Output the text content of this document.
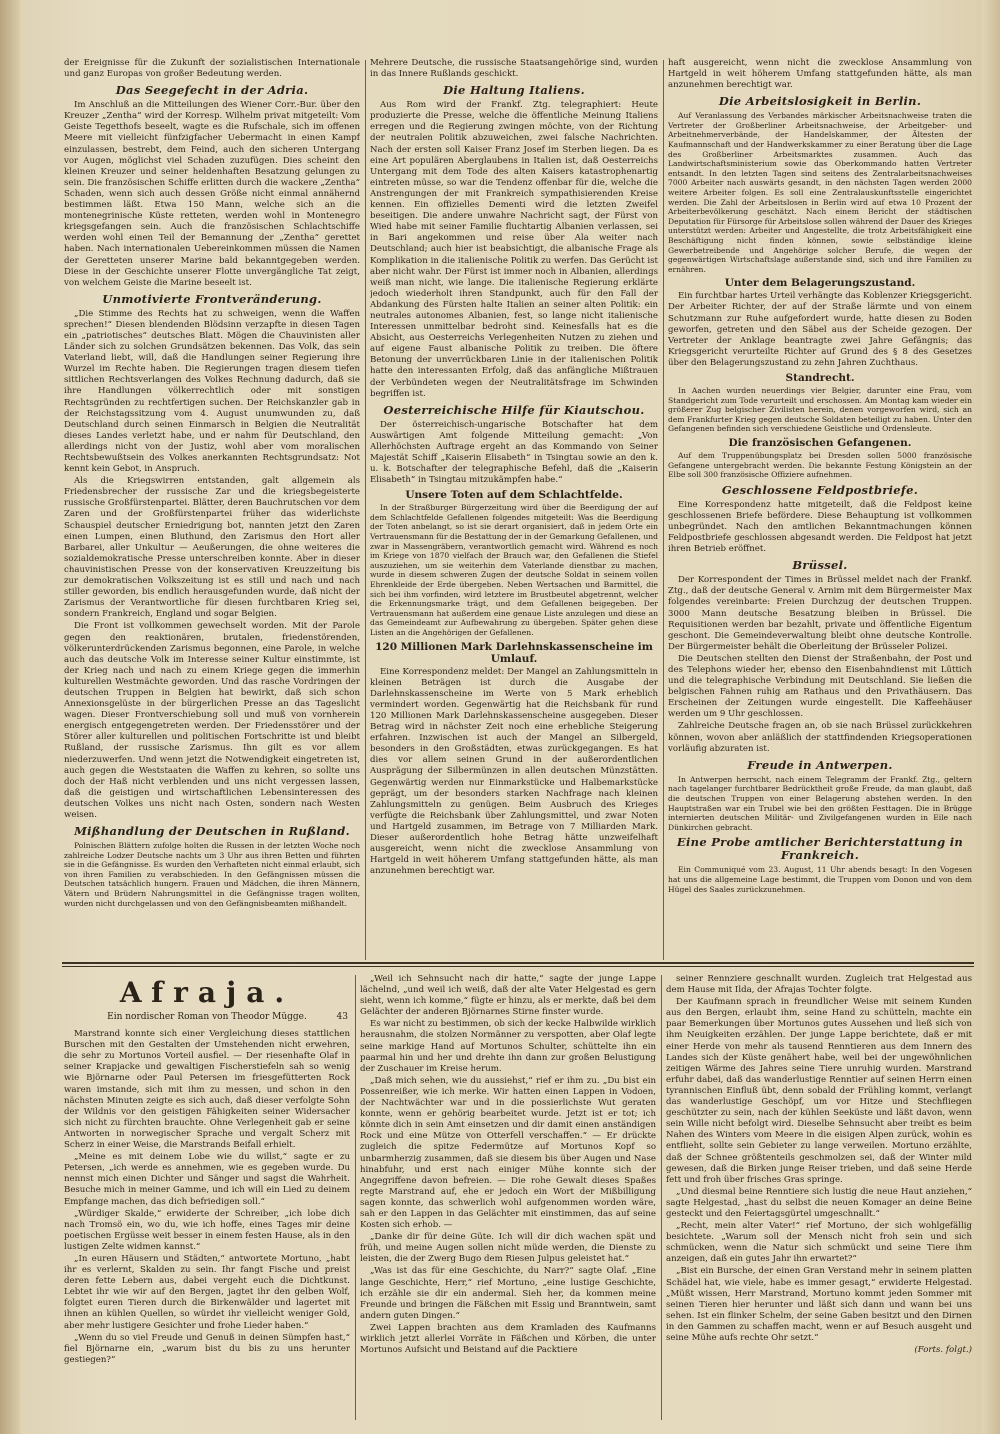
der Ereignisse für die Zukunft der sozialistischen Internationale und ganz Europas von großer Bedeutung werden.

Das Seegefecht in der Adria.

Im Anschluß an die Mitteilungen des Wiener Corr.-Bur. über den Kreuzer „Zentha“ wird der Korresp. Wilhelm privat mitgeteilt: Vom Geiste Tegetthofs beseelt, wagte es die Rufschale, sich im offenen Meere mit vielleicht fünfzigfacher Uebermacht in einen Kampf einzulassen, bestrebt, dem Feind, auch den sicheren Untergang vor Augen, möglichst viel Schaden zuzufügen. Dies scheint den kleinen Kreuzer und seiner heldenhaften Besatzung gelungen zu sein. Die französischen Schiffe erlitten durch die wackere „Zentha“ Schaden, wenn sich auch dessen Größe nicht einmal annähernd bestimmen läßt. Etwa 150 Mann, welche sich an die montenegrinische Küste retteten, werden wohl in Montenegro kriegsgefangen sein. Auch die französischen Schlachtschiffe werden wohl einen Teil der Bemannung der „Zentha“ gerettet haben. Nach internationalen Uebereinkommen müssen die Namen der Geretteten unserer Marine bald bekanntgegeben werden. Diese in der Geschichte unserer Flotte unvergängliche Tat zeigt, von welchem Geiste die Marine beseelt ist.

Unmotivierte Frontveränderung.

„Die Stimme des Rechts hat zu schweigen, wenn die Waffen sprechen!“ Diesen blendenden Blödsinn verzapfte in diesen Tagen ein „patriotisches“ deutsches Blatt. Mögen die Chauvinisten aller Länder sich zu solchen Grundsätzen bekennen. Das Volk, das sein Vaterland liebt, will, daß die Handlungen seiner Regierung ihre Wurzel im Rechte haben. Die Regierungen tragen diesem tiefen sittlichen Rechtsverlangen des Volkes Rechnung dadurch, daß sie ihre Handlungen völkerrechtlich oder mit sonstigen Rechtsgründen zu rechtfertigen suchen. Der Reichskanzler gab in der Reichstagssitzung vom 4. August unumwunden zu, daß Deutschland durch seinen Einmarsch in Belgien die Neutralität dieses Landes verletzt habe, und er nahm für Deutschland, den allerdings nicht von der Justiz, wohl aber vom moralischen Rechtsbewußtsein des Volkes anerkannten Rechtsgrundsatz: Not kennt kein Gebot, in Anspruch.

Als die Kriegswirren entstanden, galt allgemein als Friedensbrecher der russische Zar und die kriegsbegeisterte russische Großfürstenpartei. Blätter, deren Bauchrutschen vor dem Zaren und der Großfürstenpartei früher das widerlichste Schauspiel deutscher Erniedrigung bot, nannten jetzt den Zaren einen Lumpen, einen Bluthund, den Zarismus den Hort aller Barbarei, aller Unkultur — Aeußerungen, die ohne weiteres die sozialdemokratische Presse unterschreiben konnte. Aber in dieser chauvinistischen Presse von der konservativen Kreuzzeitung bis zur demokratischen Volkszeitung ist es still und nach und nach stiller geworden, bis endlich herausgefunden wurde, daß nicht der Zarismus der Verantwortliche für diesen furchtbaren Krieg sei, sondern Frankreich, England und sogar Belgien.

Die Front ist vollkommen gewechselt worden. Mit der Parole gegen den reaktionären, brutalen, friedenstörenden, völkerunterdrückenden Zarismus begonnen, eine Parole, in welche auch das deutsche Volk im Interesse seiner Kultur einstimmte, ist der Krieg nach und nach zu einem Kriege gegen die immerhin kulturellen Westmächte geworden. Und das rasche Vordringen der deutschen Truppen in Belgien hat bewirkt, daß sich schon Annexionsgelüste in der bürgerlichen Presse an das Tageslicht wagen. Dieser Frontverschiebung soll und muß von vornherein energisch entgegengetreten werden. Der Friedensstörer und der Störer aller kulturellen und politischen Fortschritte ist und bleibt Rußland, der russische Zarismus. Ihn gilt es vor allem niederzuwerfen. Und wenn jetzt die Notwendigkeit eingetreten ist, auch gegen die Weststaaten die Waffen zu kehren, so sollte uns doch der Haß nicht verblenden und uns nicht vergessen lassen, daß die geistigen und wirtschaftlichen Lebensinteressen des deutschen Volkes uns nicht nach Osten, sondern nach Westen weisen.

Mißhandlung der Deutschen in Rußland.

Polnischen Blättern zufolge holten die Russen in der letzten Woche noch zahlreiche Lodzer Deutsche nachts um 3 Uhr aus ihren Betten und führten sie in die Gefängnisse. Es wurden den Verhafteten nicht einmal erlaubt, sich von ihren Familien zu verabschieden. In den Gefängnissen müssen die Deutschen tatsächlich hungern. Frauen und Mädchen, die ihren Männern, Vätern und Brüdern Nahrungsmittel in die Gefängnisse tragen wollten, wurden nicht durchgelassen und von den Gefängnisbeamten mißhandelt.

Mehrere Deutsche, die russische Staatsangehörige sind, wurden in das Innere Rußlands geschickt.

Die Haltung Italiens.

Aus Rom wird der Frankf. Ztg. telegraphiert: Heute produzierte die Presse, welche die öffentliche Meinung Italiens erregen und die Regierung zwingen möchte, von der Richtung der neutralen Politik abzuweichen, zwei falsche Nachrichten. Nach der ersten soll Kaiser Franz Josef im Sterben liegen. Da es eine Art populären Aberglaubens in Italien ist, daß Oesterreichs Untergang mit dem Tode des alten Kaisers katastrophenartig eintreten müsse, so war die Tendenz offenbar für die, welche die Anstrengungen der mit Frankreich sympathisierenden Kreise kennen. Ein offizielles Dementi wird die letzten Zweifel beseitigen. Die andere unwahre Nachricht sagt, der Fürst von Wied habe mit seiner Familie fluchtartig Albanien verlassen, sei in Bari angekommen und reise über Ala weiter nach Deutschland; auch hier ist beabsichtigt, die albanische Frage als Komplikation in die italienische Politik zu werfen. Das Gerücht ist aber nicht wahr. Der Fürst ist immer noch in Albanien, allerdings weiß man nicht, wie lange. Die italienische Regierung erklärte jedoch wiederholt ihren Standpunkt, auch für den Fall der Abdankung des Fürsten halte Italien an seiner alten Politik: ein neutrales autonomes Albanien, fest, so lange nicht italienische Interessen unmittelbar bedroht sind. Keinesfalls hat es die Absicht, aus Oesterreichs Verlegenheiten Nutzen zu ziehen und auf eigene Faust albanische Politik zu treiben. Die öftere Betonung der unverrückbaren Linie in der italienischen Politik hatte den interessanten Erfolg, daß das anfängliche Mißtrauen der Verbündeten wegen der Neutralitätsfrage im Schwinden begriffen ist.

Oesterreichische Hilfe für Kiautschou.

Der österreichisch-ungarische Botschafter hat dem Auswärtigen Amt folgende Mitteilung gemacht: „Von Allerhöchsten Auftrage ergeht an das Kommando von Seiner Majestät Schiff „Kaiserin Elisabeth“ in Tsingtau sowie an den k. u. k. Botschafter der telegraphische Befehl, daß die „Kaiserin Elisabeth“ in Tsingtau mitzukämpfen habe.“

Unsere Toten auf dem Schlachtfelde.

In der Straßburger Bürgerzeitung wird über die Beerdigung der auf dem Schlachtfelde Gefallenen folgendes mitgeteilt: Was die Beerdigung der Toten anbelangt, so ist sie derart organisiert, daß in jedem Orte ein Vertrauensmann für die Bestattung der in der Gemarkung Gefallenen, und zwar in Massengräbern, verantwortlich gemacht wird. Während es noch im Kriege von 1870 vielfach der Brauch war, den Gefallenen die Stiefel auszuziehen, um sie weiterhin dem Vaterlande dienstbar zu machen, wurde in diesem schweren Zugen der deutsche Soldat in seinem vollen Ehrenkleide der Erde übergeben. Neben Wertsachen und Barmittel, die sich bei ihm vorfinden, wird letztere im Brustbeutel abgetrennt, welcher die Erkennungsmarke trägt, und dem Gefallenen beigegeben. Der Vertrauensmann hat außerdem eine genaue Liste anzulegen und diese an das Gemeindeamt zur Aufbewahrung zu übergeben. Später gehen diese Listen an die Angehörigen der Gefallenen.

120 Millionen Mark Darlehnskassenscheine im Umlauf.

Eine Korrespondenz meldet: Der Mangel an Zahlungsmitteln in kleinen Beträgen ist durch die Ausgabe der Darlehnskassenscheine im Werte von 5 Mark erheblich vermindert worden. Gegenwärtig hat die Reichsbank für rund 120 Millionen Mark Darlehnskassenscheine ausgegeben. Dieser Betrag wird in nächster Zeit noch eine erhebliche Steigerung erfahren. Inzwischen ist auch der Mangel an Silbergeld, besonders in den Großstädten, etwas zurückgegangen. Es hat dies vor allem seinen Grund in der außerordentlichen Ausprägung der Silbermünzen in allen deutschen Münzstätten. Gegenwärtig werden nur Einmarkstücke und Halbemarkstücke geprägt, um der besonders starken Nachfrage nach kleinen Zahlungsmitteln zu genügen. Beim Ausbruch des Krieges verfügte die Reichsbank über Zahlungsmittel, und zwar Noten und Hartgeld zusammen, im Betrage von 7 Milliarden Mark. Dieser außerordentlich hohe Betrag hätte unzweifelhaft ausgereicht, wenn nicht die zwecklose Ansammlung von Hartgeld in weit höherem Umfang stattgefunden hätte, als man anzunehmen berechtigt war.

haft ausgereicht, wenn nicht die zwecklose Ansammlung von Hartgeld in weit höherem Umfang stattgefunden hätte, als man anzunehmen berechtigt war.

Die Arbeitslosigkeit in Berlin.

Auf Veranlassung des Verbandes märkischer Arbeitsnachweise traten die Vertreter der Großberliner Arbeitsnachweise, der Arbeitgeber- und Arbeitnehmerverbände, der Handelskammer, der Ältesten der Kaufmannschaft und der Handwerkskammer zu einer Beratung über die Lage des Großberliner Arbeitsmarktes zusammen. Auch das Landwirtschaftsministerium sowie das Oberkommando hatten Vertreter entsandt. In den letzten Tagen sind seitens des Zentralarbeitsnachweises 7000 Arbeiter nach auswärts gesandt, in den nächsten Tagen werden 2000 weitere Arbeiter folgen. Es soll eine Zentralauskunftsstelle eingerichtet werden. Die Zahl der Arbeitslosen in Berlin wird auf etwa 10 Prozent der Arbeiterbevölkerung geschätzt. Nach einem Bericht der städtischen Deputation für Fürsorge für Arbeitslose sollen während der Dauer des Krieges unterstützt werden: Arbeiter und Angestellte, die trotz Arbeitsfähigkeit eine Beschäftigung nicht finden können, sowie selbständige kleine Gewerbetreibende und Angehörige solcher Berufe, die wegen der gegenwärtigen Wirtschaftslage außerstande sind, sich und ihre Familien zu ernähren.

Unter dem Belagerungszustand.

Ein furchtbar hartes Urteil verhängte das Koblenzer Kriegsgericht. Der Arbeiter Richter, der auf der Straße lärmte und von einem Schutzmann zur Ruhe aufgefordert wurde, hatte diesen zu Boden geworfen, getreten und den Säbel aus der Scheide gezogen. Der Vertreter der Anklage beantragte zwei Jahre Gefängnis; das Kriegsgericht verurteilte Richter auf Grund des § 8 des Gesetzes über den Belagerungszustand zu zehn Jahren Zuchthaus.

Standrecht.

In Aachen wurden neuerdings vier Belgier, darunter eine Frau, vom Standgericht zum Tode verurteilt und erschossen. Am Montag kam wieder ein größerer Zug belgischer Zivilisten herein, denen vorgeworfen wird, sich an dem Frankfurter Krieg gegen deutsche Soldaten beteiligt zu haben. Unter den Gefangenen befinden sich verschiedene Geistliche und Ordensleute.

Die französischen Gefangenen.

Auf dem Truppenübungsplatz bei Dresden sollen 5000 französische Gefangene untergebracht werden. Die bekannte Festung Königstein an der Elbe soll 300 französische Offiziere aufnehmen.

Geschlossene Feldpostbriefe.

Eine Korrespondenz hatte mitgeteilt, daß die Feldpost keine geschlossenen Briefe befördere. Diese Behauptung ist vollkommen unbegründet. Nach den amtlichen Bekanntmachungen können Feldpostbriefe geschlossen abgesandt werden. Die Feldpost hat jetzt ihren Betrieb eröffnet.

Brüssel.

Der Korrespondent der Times in Brüssel meldet nach der Frankf. Ztg., daß der deutsche General v. Arnim mit dem Bürgermeister Max folgendes vereinbarte: Freien Durchzug der deutschen Truppen. 3000 Mann deutsche Besatzung bleiben in Brüssel. Die Requisitionen werden bar bezahlt, private und öffentliche Eigentum geschont. Die Gemeindeverwaltung bleibt ohne deutsche Kontrolle. Der Bürgermeister behält die Oberleitung der Brüsseler Polizei.

Die Deutschen stellten den Dienst der Straßenbahn, der Post und des Telephons wieder her, ebenso den Eisenbahndienst mit Lüttich und die telegraphische Verbindung mit Deutschland. Sie ließen die belgischen Fahnen ruhig am Rathaus und den Privathäusern. Das Erscheinen der Zeitungen wurde eingestellt. Die Kaffeehäuser werden um 9 Uhr geschlossen.

Zahlreiche Deutsche fragen an, ob sie nach Brüssel zurückkehren können, wovon aber anläßlich der stattfindenden Kriegsoperationen vorläufig abzuraten ist.

Freude in Antwerpen.

In Antwerpen herrscht, nach einem Telegramm der Frankf. Ztg., geltern nach tagelanger furchtbarer Bedrücktheit große Freude, da man glaubt, daß die deutschen Truppen von einer Belagerung abstehen werden. In den Hauptstraßen war ein Trubel wie bei den größten Festtagen. Die in Brügge internierten deutschen Militär- und Zivilgefangenen wurden in Eile nach Dünkirchen gebracht.

Eine Probe amtlicher Berichterstattung in Frankreich.

Ein Communiqué vom 23. August, 11 Uhr abends besagt: In den Vogesen hat uns die allgemeine Lage bestimmt, die Truppen vom Donon und von dem Hügel des Saales zurückzunehmen.

Afraja.
Ein nordischer Roman von Theodor Mügge.	43

Marstrand konnte sich einer Vergleichung dieses stattlichen Burschen mit den Gestalten der Umstehenden nicht erwehren, die sehr zu Mortunos Vorteil ausfiel. — Der riesenhafte Olaf in seiner Krapjacke und gewaltigen Fischerstiefeln sah so wenig wie Björnarne oder Paul Petersen im friesgefütterten Rock waren imstande, sich mit ihm zu messen, und schon in den nächsten Minuten zeigte es sich auch, daß dieser verfolgte Sohn der Wildnis vor den geistigen Fähigkeiten seiner Widersacher sich nicht zu fürchten brauchte. Ohne Verlegenheit gab er seine Antworten in norwegischer Sprache und vergalt Scherz mit Scherz in einer Weise, die Marstrands Beifall erhielt.

„Meine es mit deinem Lobe wie du willst,“ sagte er zu Petersen, „ich werde es annehmen, wie es gegeben wurde. Du nennst mich einen Dichter und Sänger und sagst die Wahrheit. Besuche mich in meiner Gamme, und ich will ein Lied zu deinem Empfange machen, das dich befriedigen soll.“

„Würdiger Skalde,“ erwiderte der Schreiber, „ich lobe dich nach Tromsö ein, wo du, wie ich hoffe, eines Tages mir deine poetischen Ergüsse weit besser in einem festen Hause, als in den lustigen Zelte widmen kannst.“

„In euren Häusern und Städten,“ antwortete Mortuno, „habt ihr es verlernt, Skalden zu sein. Ihr fangt Fische und preist deren fette Lebern aus, dabei vergeht euch die Dichtkunst. Lebtet ihr wie wir auf den Bergen, jagtet ihr den gelben Wolf, folgtet euren Tieren durch die Birkenwälder und lagertet mit ihnen an kühlen Quellen, so würdet ihr vielleicht weniger Gold, aber mehr lustigere Gesichter und frohe Lieder haben.“

„Wenn du so viel Freude und Genuß in deinen Sümpfen hast,“ fiel Björnarne ein, „warum bist du bis zu uns herunter gestiegen?“

„Weil ich Sehnsucht nach dir hatte,“ sagte der junge Lappe lächelnd, „und weil ich weiß, daß der alte Vater Helgestad es gern sieht, wenn ich komme,“ fügte er hinzu, als er merkte, daß bei dem Gelächter der anderen Björnarnes Stirne finster wurde.

Es war nicht zu bestimmen, ob sich der kecke Halbwilde wirklich herausnahm, die stolzen Normänner zu verspotten, aber Olaf legte seine markige Hand auf Mortunos Schulter, schüttelte ihn ein paarmal hin und her und drehte ihn dann zur großen Belustigung der Zuschauer im Kreise herum.

„Daß mich sehen, wie du aussiehst,“ rief er ihm zu. „Du bist ein Possenreißer, wie ich merke. Wir hatten einen Lappen in Vodoen, der Nachtwächter war und in die possierlichste Wut geraten konnte, wenn er gehörig bearbeitet wurde. Jetzt ist er tot; ich könnte dich in sein Amt einsetzen und dir damit einen anständigen Rock und eine Mütze von Otterfell verschaffen.“ — Er drückte zugleich die spitze Federmütze auf Mortunos Kopf so unbarmherzig zusammen, daß sie diesem bis über Augen und Nase hinabfuhr, und erst nach einiger Mühe konnte sich der Angegriffene davon befreien. — Die rohe Gewalt dieses Spaßes regte Marstrand auf, ehe er jedoch ein Wort der Mißbilligung sagen konnte, das schwerlich wohl aufgenommen worden wäre, sah er den Lappen in das Gelächter mit einstimmen, das auf seine Kosten sich erhob. —

„Danke dir für deine Güte. Ich will dir dich wachen spät und früh, und meine Augen sollen nicht müde werden, die Dienste zu leisten, die der Zwerg Bugo dem Riesen Julpus geleistet hat.“

„Was ist das für eine Geschichte, du Narr?“ sagte Olaf. „Eine lange Geschichte, Herr,“ rief Mortuno, „eine lustige Geschichte, ich erzähle sie dir ein andermal. Sieh her, da kommen meine Freunde und bringen die Fäßchen mit Essig und Branntwein, samt andern guten Dingen.“

Zwei Lappen brachten aus dem Kramladen des Kaufmanns wirklich jetzt allerlei Vorräte in Fäßchen und Körben, die unter Mortunos Aufsicht und Beistand auf die Packtiere

seiner Rennziere geschnallt wurden. Zugleich trat Helgestad aus dem Hause mit Ilda, der Afrajas Tochter folgte.

Der Kaufmann sprach in freundlicher Weise mit seinem Kunden aus den Bergen, erlaubt ihm, seine Hand zu schütteln, machte ein paar Bemerkungen über Mortunos gutes Aussehen und ließ sich von ihm Neuigkeiten erzählen. Der junge Lappe berichtete, daß er mit einer Herde von mehr als tausend Renntieren aus dem Innern des Landes sich der Küste genähert habe, weil bei der ungewöhnlichen zeitigen Wärme des Jahres seine Tiere unruhig wurden. Marstrand erfuhr dabei, daß das wanderlustige Renntier auf seinen Herrn einen tyrannischen Einfluß übt, denn sobald der Frühling kommt, verlangt das wanderlustige Geschöpf, um vor Hitze und Stechfliegen geschützter zu sein, nach der kühlen Seeküste und läßt davon, wenn sein Wille nicht befolgt wird. Dieselbe Sehnsucht aber treibt es beim Nahen des Winters vom Meere in die eisigen Alpen zurück, wohin es entflieht, sollte sein Gebieter zu lange verweilen. Mortuno erzählte, daß der Schnee größtenteils geschmolzen sei, daß der Winter mild gewesen, daß die Birken junge Reiser trieben, und daß seine Herde fett und froh über frisches Gras springe.

„Und diesmal beine Renntiere sich lustig die neue Haut anziehen,“ sagte Helgestad, „hast du selbst die neuen Komager an deine Beine gesteckt und den Feiertagsgürtel umgeschnallt.“

„Recht, mein alter Vater!“ rief Mortuno, der sich wohlgefällig besichtete. „Warum soll der Mensch nicht froh sein und sich schmücken, wenn die Natur sich schmückt und seine Tiere ihm anzeigen, daß ein gutes Jahr ihn erwartet?“

„Bist ein Bursche, der einen Gran Verstand mehr in seinem platten Schädel hat, wie viele, habe es immer gesagt,“ erwiderte Helgestad. „Müßt wissen, Herr Marstrand, Mortuno kommt jeden Sommer mit seinen Tieren hier herunter und läßt sich dann und wann bei uns sehen. Ist ein flinker Schelm, der seine Gaben besitzt und den Dirnen in den Gammen zu schaffen macht, wenn er auf Besuch ausgeht und seine Mühe aufs rechte Ohr setzt.“

(Forts. folgt.)
